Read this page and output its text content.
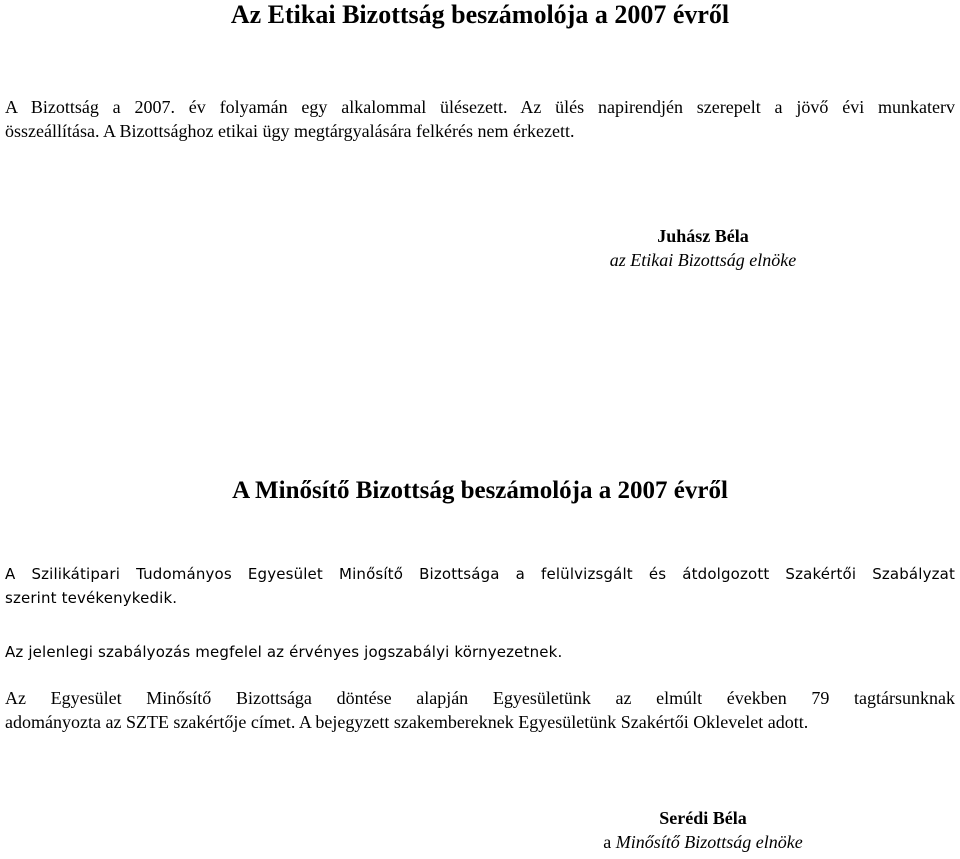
Az Etikai Bizottság beszámolója a 2007 évről

A Bizottság a 2007. év folyamán egy alkalommal ülésezett. Az ülés napirendjén szerepelt a jövő évi munkaterv
összeállítása. A Bizottsághoz etikai ügy megtárgyalására felkérés nem érkezett.

Juhász Béla
az Etikai Bizottság elnöke
A Minősítő Bizottság beszámolója a 2007 évről

A Szilikátipari Tudományos Egyesület Minősítő Bizottsága a felülvizsgált és átdolgozott Szakértői Szabályzat
szerint tevékenykedik.

Az jelenlegi szabályozás megfelel az érvényes jogszabályi környezetnek.

Az Egyesület Minősítő Bizottsága döntése alapján Egyesületünk az elmúlt években 79 tagtársunknak
adományozta az SZTE szakértője címet. A bejegyzett szakembereknek Egyesületünk Szakértői Oklevelet adott.

Serédi Béla
a Minősítő Bizottság elnöke
